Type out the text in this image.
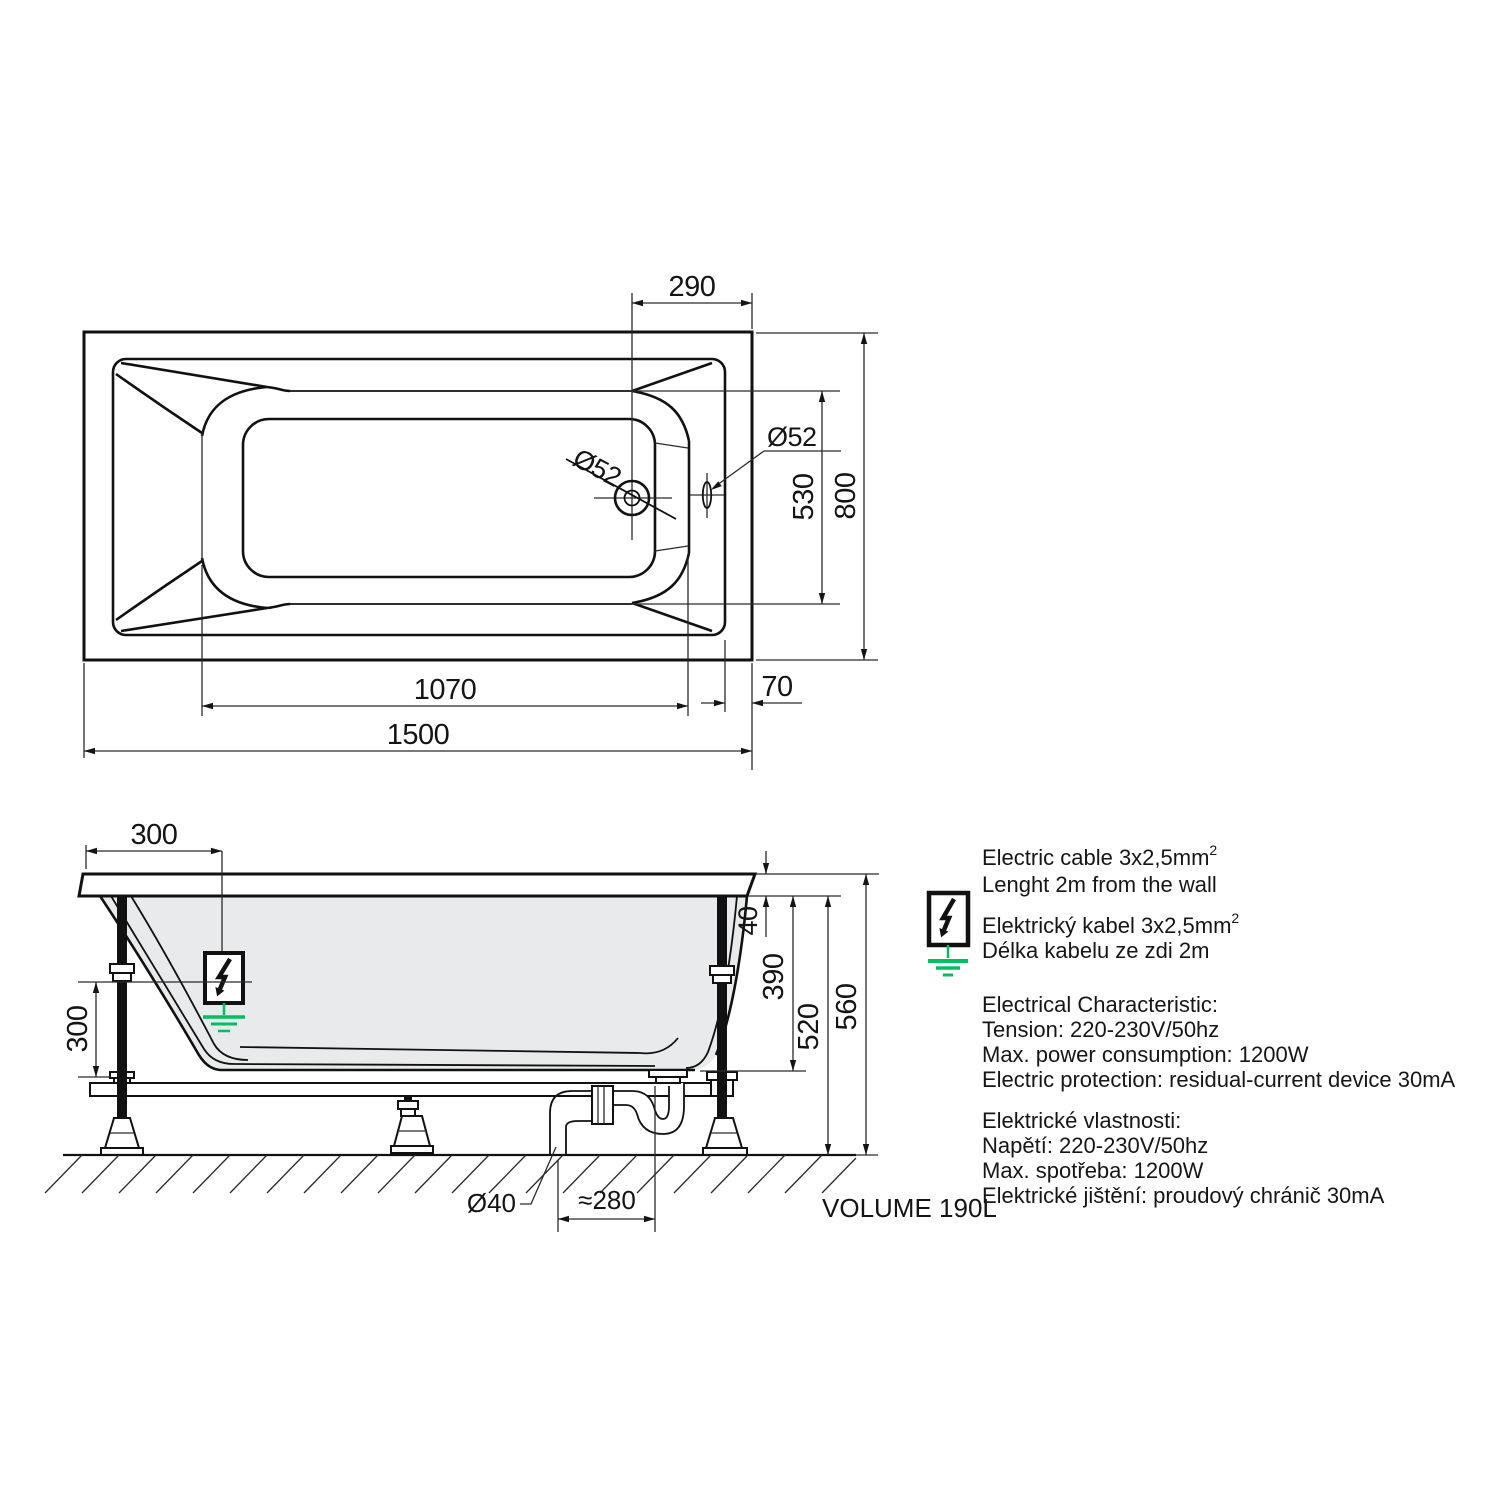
290
800
530
Ø52
Ø52
1070	70
1500
300
300
40
390
520 560
Ø40 ≈280	VOLUME 190L
Electric cable $3x2,5mm^2$
Lenght 2m from the wall
Elektrický kabel $3x2,5mm^2$
Délka kabelu ze zdi 2m
Electrical Characteristic:
Tension: 220-230V/50hz
Max. power consumption: 1200W
Electric protection: residual-current device 30mA
Elektrické vlastnosti:
Napětí: 220-230V/50hz
Max. spotřeba: 1200W
Elektrické jištění: proudový chránič 30mA
